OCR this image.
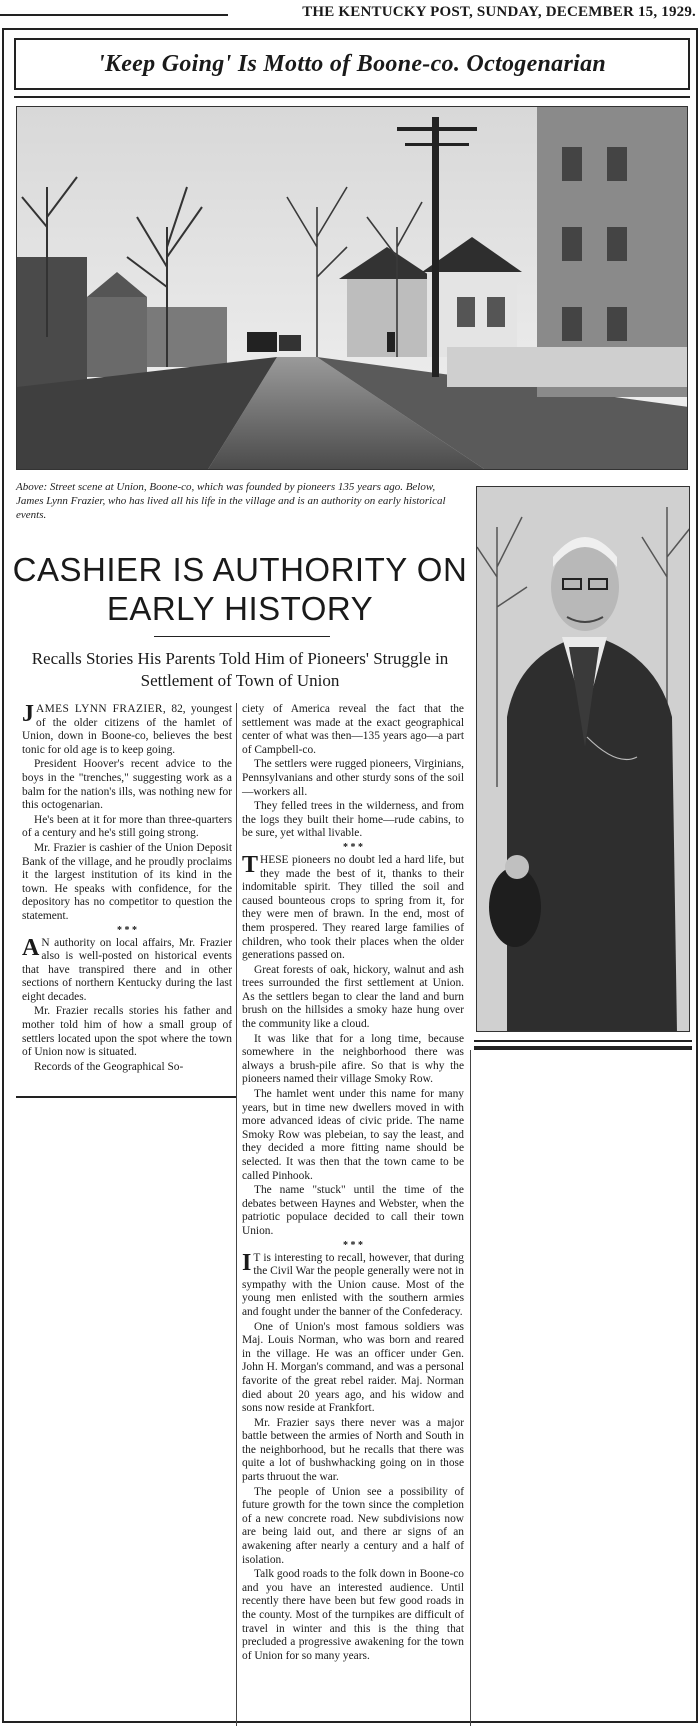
THE KENTUCKY POST, SUNDAY, DECEMBER 15, 1929.
'Keep Going' Is Motto of Boone-co. Octogenarian
Above: Street scene at Union, Boone-co, which was founded by pioneers 135 years ago. Below, James Lynn Frazier, who has lived all his life in the village and is an authority on early historical events.
CASHIER IS AUTHORITY ON EARLY HISTORY
Recalls Stories His Parents Told Him of Pioneers' Struggle in Settlement of Town of Union

JAMES LYNN FRAZIER, 82, youngest of the older citizens of the hamlet of Union, down in Boone-co, believes the best tonic for old age is to keep going.

President Hoover's recent advice to the boys in the "trenches," suggesting work as a balm for the nation's ills, was nothing new for this octogenarian.

He's been at it for more than three-quarters of a century and he's still going strong.

Mr. Frazier is cashier of the Union Deposit Bank of the village, and he proudly proclaims it the largest institution of its kind in the town. He speaks with confidence, for the depository has no competitor to question the statement.

* * *

A N authority on local affairs, Mr. Frazier also is well-posted on historical events that have transpired there and in other sections of northern Kentucky during the last eight decades.

Mr. Frazier recalls stories his father and mother told him of how a small group of settlers located upon the spot where the town of Union now is situated.

Records of the Geographical So-

ciety of America reveal the fact that the settlement was made at the exact geographical center of what was then—135 years ago—a part of Campbell-co.

The settlers were rugged pioneers, Virginians, Pennsylvanians and other sturdy sons of the soil—workers all.

They felled trees in the wilderness, and from the logs they built their home—rude cabins, to be sure, yet withal livable.

* * *

THESE pioneers no doubt led a hard life, but they made the best of it, thanks to their indomitable spirit. They tilled the soil and caused bounteous crops to spring from it, for they were men of brawn. In the end, most of them prospered. They reared large families of children, who took their places when the older generations passed on.

Great forests of oak, hickory, walnut and ash trees surrounded the first settlement at Union. As the settlers began to clear the land and burn brush on the hillsides a smoky haze hung over the community like a cloud.

It was like that for a long time, because somewhere in the neighborhood there was always a brush-pile afire. So that is why the pioneers named their village Smoky Row.

The hamlet went under this name for many years, but in time new dwellers moved in with more advanced ideas of civic pride. The name Smoky Row was plebeian, to say the least, and they decided a more fitting name should be selected. It was then that the town came to be called Pinhook.

The name "stuck" until the time of the debates between Haynes and Webster, when the patriotic populace decided to call their town Union.

* * *

I T is interesting to recall, however, that during the Civil War the people generally were not in sympathy with the Union cause. Most of the young men enlisted with the southern armies and fought under the banner of the Confederacy.

One of Union's most famous soldiers was Maj. Louis Norman, who was born and reared in the village. He was an officer under Gen. John H. Morgan's command, and was a personal favorite of the great rebel raider. Maj. Norman died about 20 years ago, and his widow and sons now reside at Frankfort.

Mr. Frazier says there never was a major battle between the armies of North and South in the neighborhood, but he recalls that there was quite a lot of bushwhacking going on in those parts thruout the war.

The people of Union see a possibility of future growth for the town since the completion of a new concrete road. New subdivisions now are being laid out, and there ar signs of an awakening after nearly a century and a half of isolation.

Talk good roads to the folk down in Boone-co and you have an interested audience. Until recently there have been but few good roads in the county. Most of the turnpikes are difficult of travel in winter and this is the thing that precluded a progressive awakening for the town of Union for so many years.
